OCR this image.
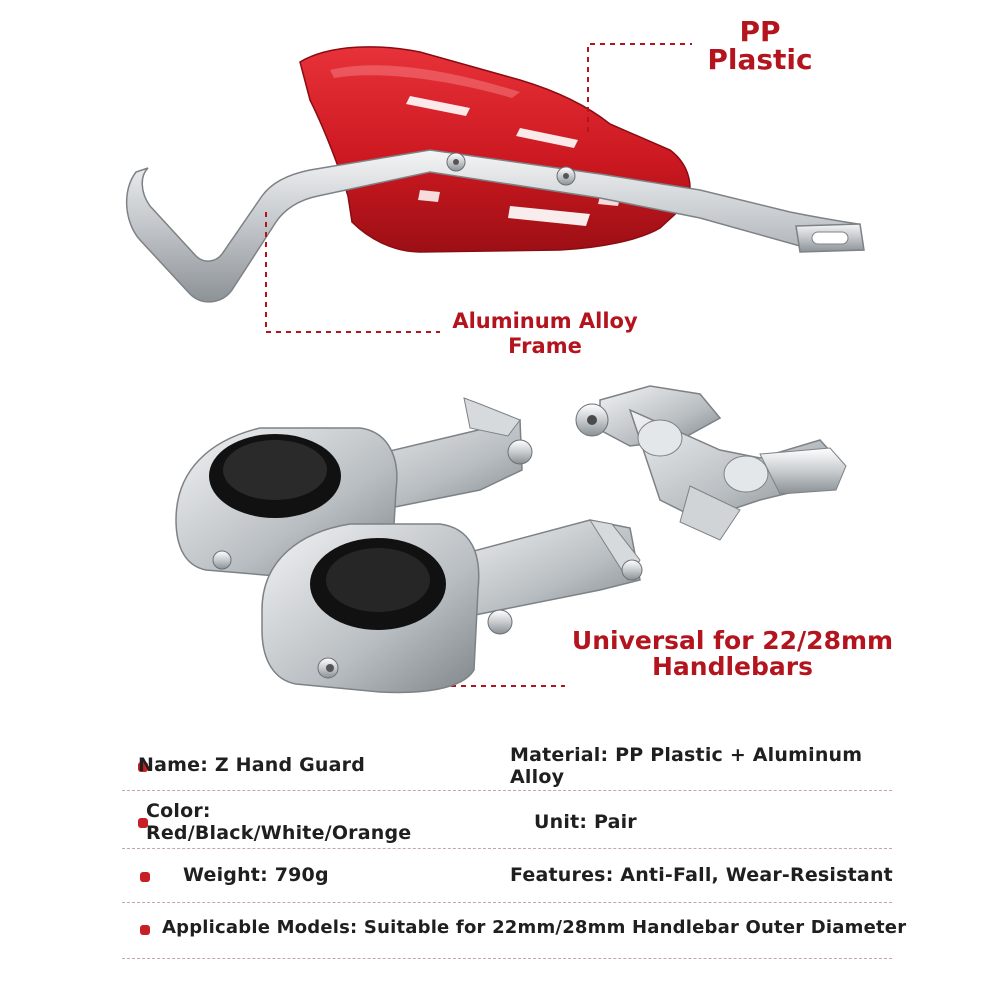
PP
Plastic
Aluminum Alloy
Frame
Universal for 22/28mm
Handlebars
Name: Z Hand Guard	Material: PP Plastic + Aluminum
Alloy
Color:
Red/Black/White/Orange
Unit: Pair
Weight: 790g	Features: Anti-Fall, Wear-Resistant
Applicable Models: Suitable for 22mm/28mm Handlebar Outer Diameter
